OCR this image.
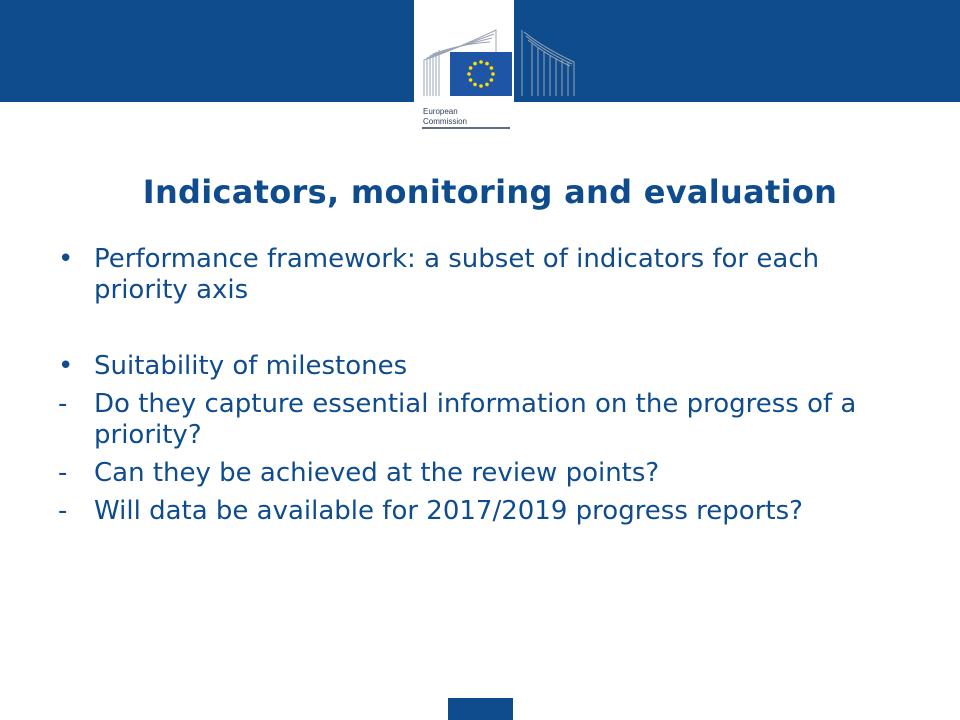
European
Commission
Indicators, monitoring and evaluation
• Performance framework: a subset of indicators for each priority axis
• Suitability of milestones
-	Do they capture essential information on the progress of a priority?
-	Can they be achieved at the review points?
-	Will data be available for 2017/2019 progress reports?
